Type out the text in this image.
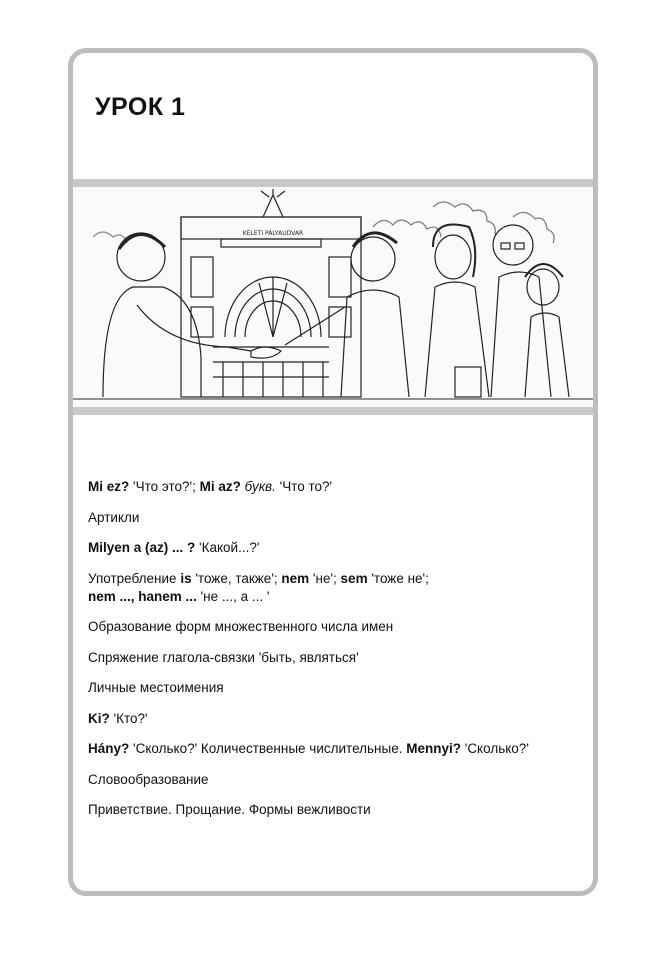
УРОК 1
KELETI PÁLYAUDVAR
Mi ez? 'Что это?'; Mi az? букв. 'Что то?'
Артикли
Milyen a (az) ... ? 'Какой...?'
Употребление is 'тоже, также'; nem 'не'; sem 'тоже не';
nem ..., hanem ... 'не ..., а ... '
Образование форм множественного числа имен
Спряжение глагола-связки 'быть, являться'
Личные местоимения
Ki? 'Кто?'
Hány? 'Сколько?' Количественные числительные. Mennyi? 'Сколько?'
Словообразование
Приветствие. Прощание. Формы вежливости
